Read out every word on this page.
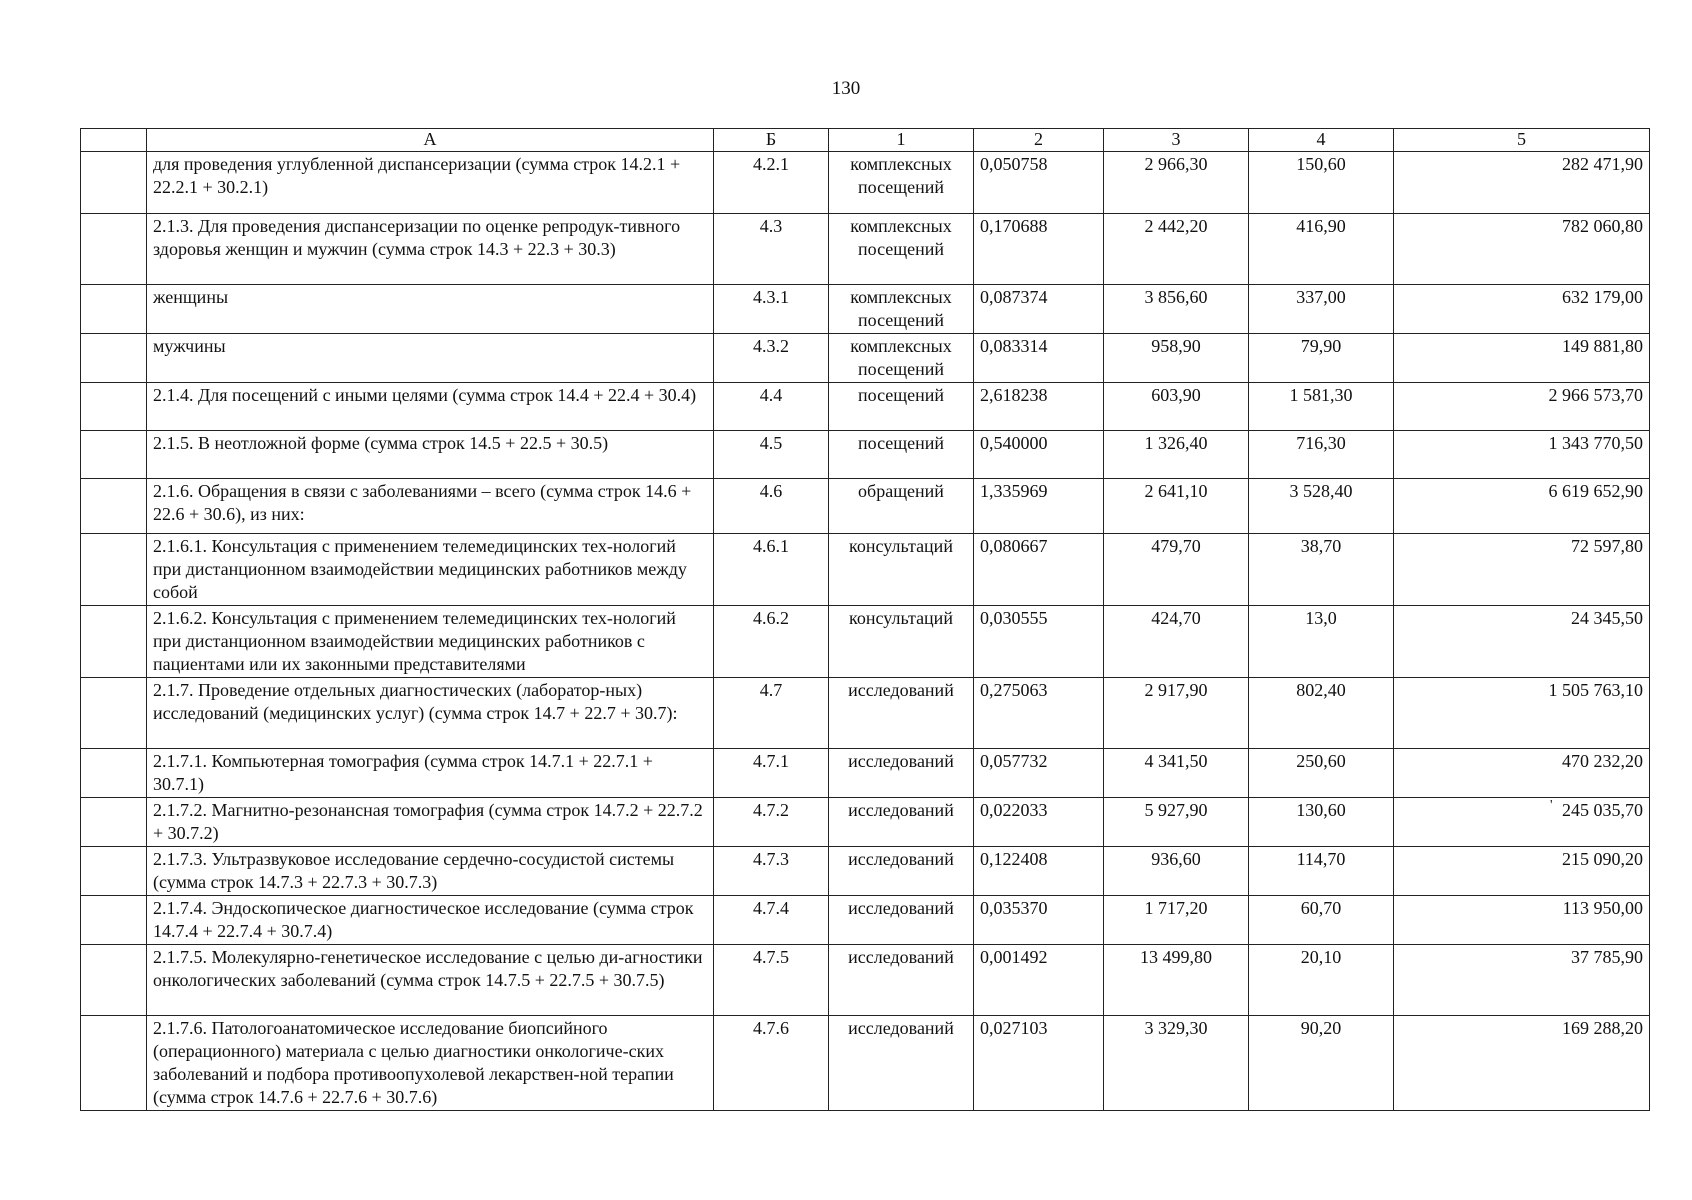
130
	А	Б	1	2	3	4	5
	для проведения углубленной диспансеризации (сумма строк 14.2.1 + 22.2.1 + 30.2.1)	4.2.1	комплексных посещений	0,050758	2 966,30	150,60	282 471,90
	2.1.3. Для проведения диспансеризации по оценке репродук-тивного здоровья женщин и мужчин (сумма строк 14.3 + 22.3 + 30.3)	4.3	комплексных посещений	0,170688	2 442,20	416,90	782 060,80
	женщины	4.3.1	комплексных посещений	0,087374	3 856,60	337,00	632 179,00
	мужчины	4.3.2	комплексных посещений	0,083314	958,90	79,90	149 881,80
	2.1.4. Для посещений с иными целями (сумма строк 14.4 + 22.4 + 30.4)	4.4	посещений	2,618238	603,90	1 581,30	2 966 573,70
	2.1.5. В неотложной форме (сумма строк 14.5 + 22.5 + 30.5)	4.5	посещений	0,540000	1 326,40	716,30	1 343 770,50
	2.1.6. Обращения в связи с заболеваниями – всего (сумма строк 14.6 + 22.6 + 30.6), из них:	4.6	обращений	1,335969	2 641,10	3 528,40	6 619 652,90
	2.1.6.1. Консультация с применением телемедицинских тех-нологий при дистанционном взаимодействии медицинских работников между собой	4.6.1	консультаций	0,080667	479,70	38,70	72 597,80
	2.1.6.2. Консультация с применением телемедицинских тех-нологий при дистанционном взаимодействии медицинских работников с пациентами или их законными представителями	4.6.2	консультаций	0,030555	424,70	13,0	24 345,50
	2.1.7. Проведение отдельных диагностических (лаборатор-ных) исследований (медицинских услуг) (сумма строк 14.7 + 22.7 + 30.7):	4.7	исследований	0,275063	2 917,90	802,40	1 505 763,10
	2.1.7.1. Компьютерная томография (сумма строк 14.7.1 + 22.7.1 + 30.7.1)	4.7.1	исследований	0,057732	4 341,50	250,60	470 232,20
	2.1.7.2. Магнитно-резонансная томография (сумма строк 14.7.2 + 22.7.2 + 30.7.2)	4.7.2	исследований	0,022033	5 927,90	130,60	' 245 035,70
	2.1.7.3. Ультразвуковое исследование сердечно-сосудистой системы (сумма строк 14.7.3 + 22.7.3 + 30.7.3)	4.7.3	исследований	0,122408	936,60	114,70	215 090,20
	2.1.7.4. Эндоскопическое диагностическое исследование (сумма строк 14.7.4 + 22.7.4 + 30.7.4)	4.7.4	исследований	0,035370	1 717,20	60,70	113 950,00
	2.1.7.5. Молекулярно-генетическое исследование с целью ди-агностики онкологических заболеваний (сумма строк 14.7.5 + 22.7.5 + 30.7.5)	4.7.5	исследований	0,001492	13 499,80	20,10	37 785,90
	2.1.7.6. Патологоанатомическое исследование биопсийного (операционного) материала с целью диагностики онкологиче-ских заболеваний и подбора противоопухолевой лекарствен-ной терапии (сумма строк 14.7.6 + 22.7.6 + 30.7.6)	4.7.6	исследований	0,027103	3 329,30	90,20	169 288,20
